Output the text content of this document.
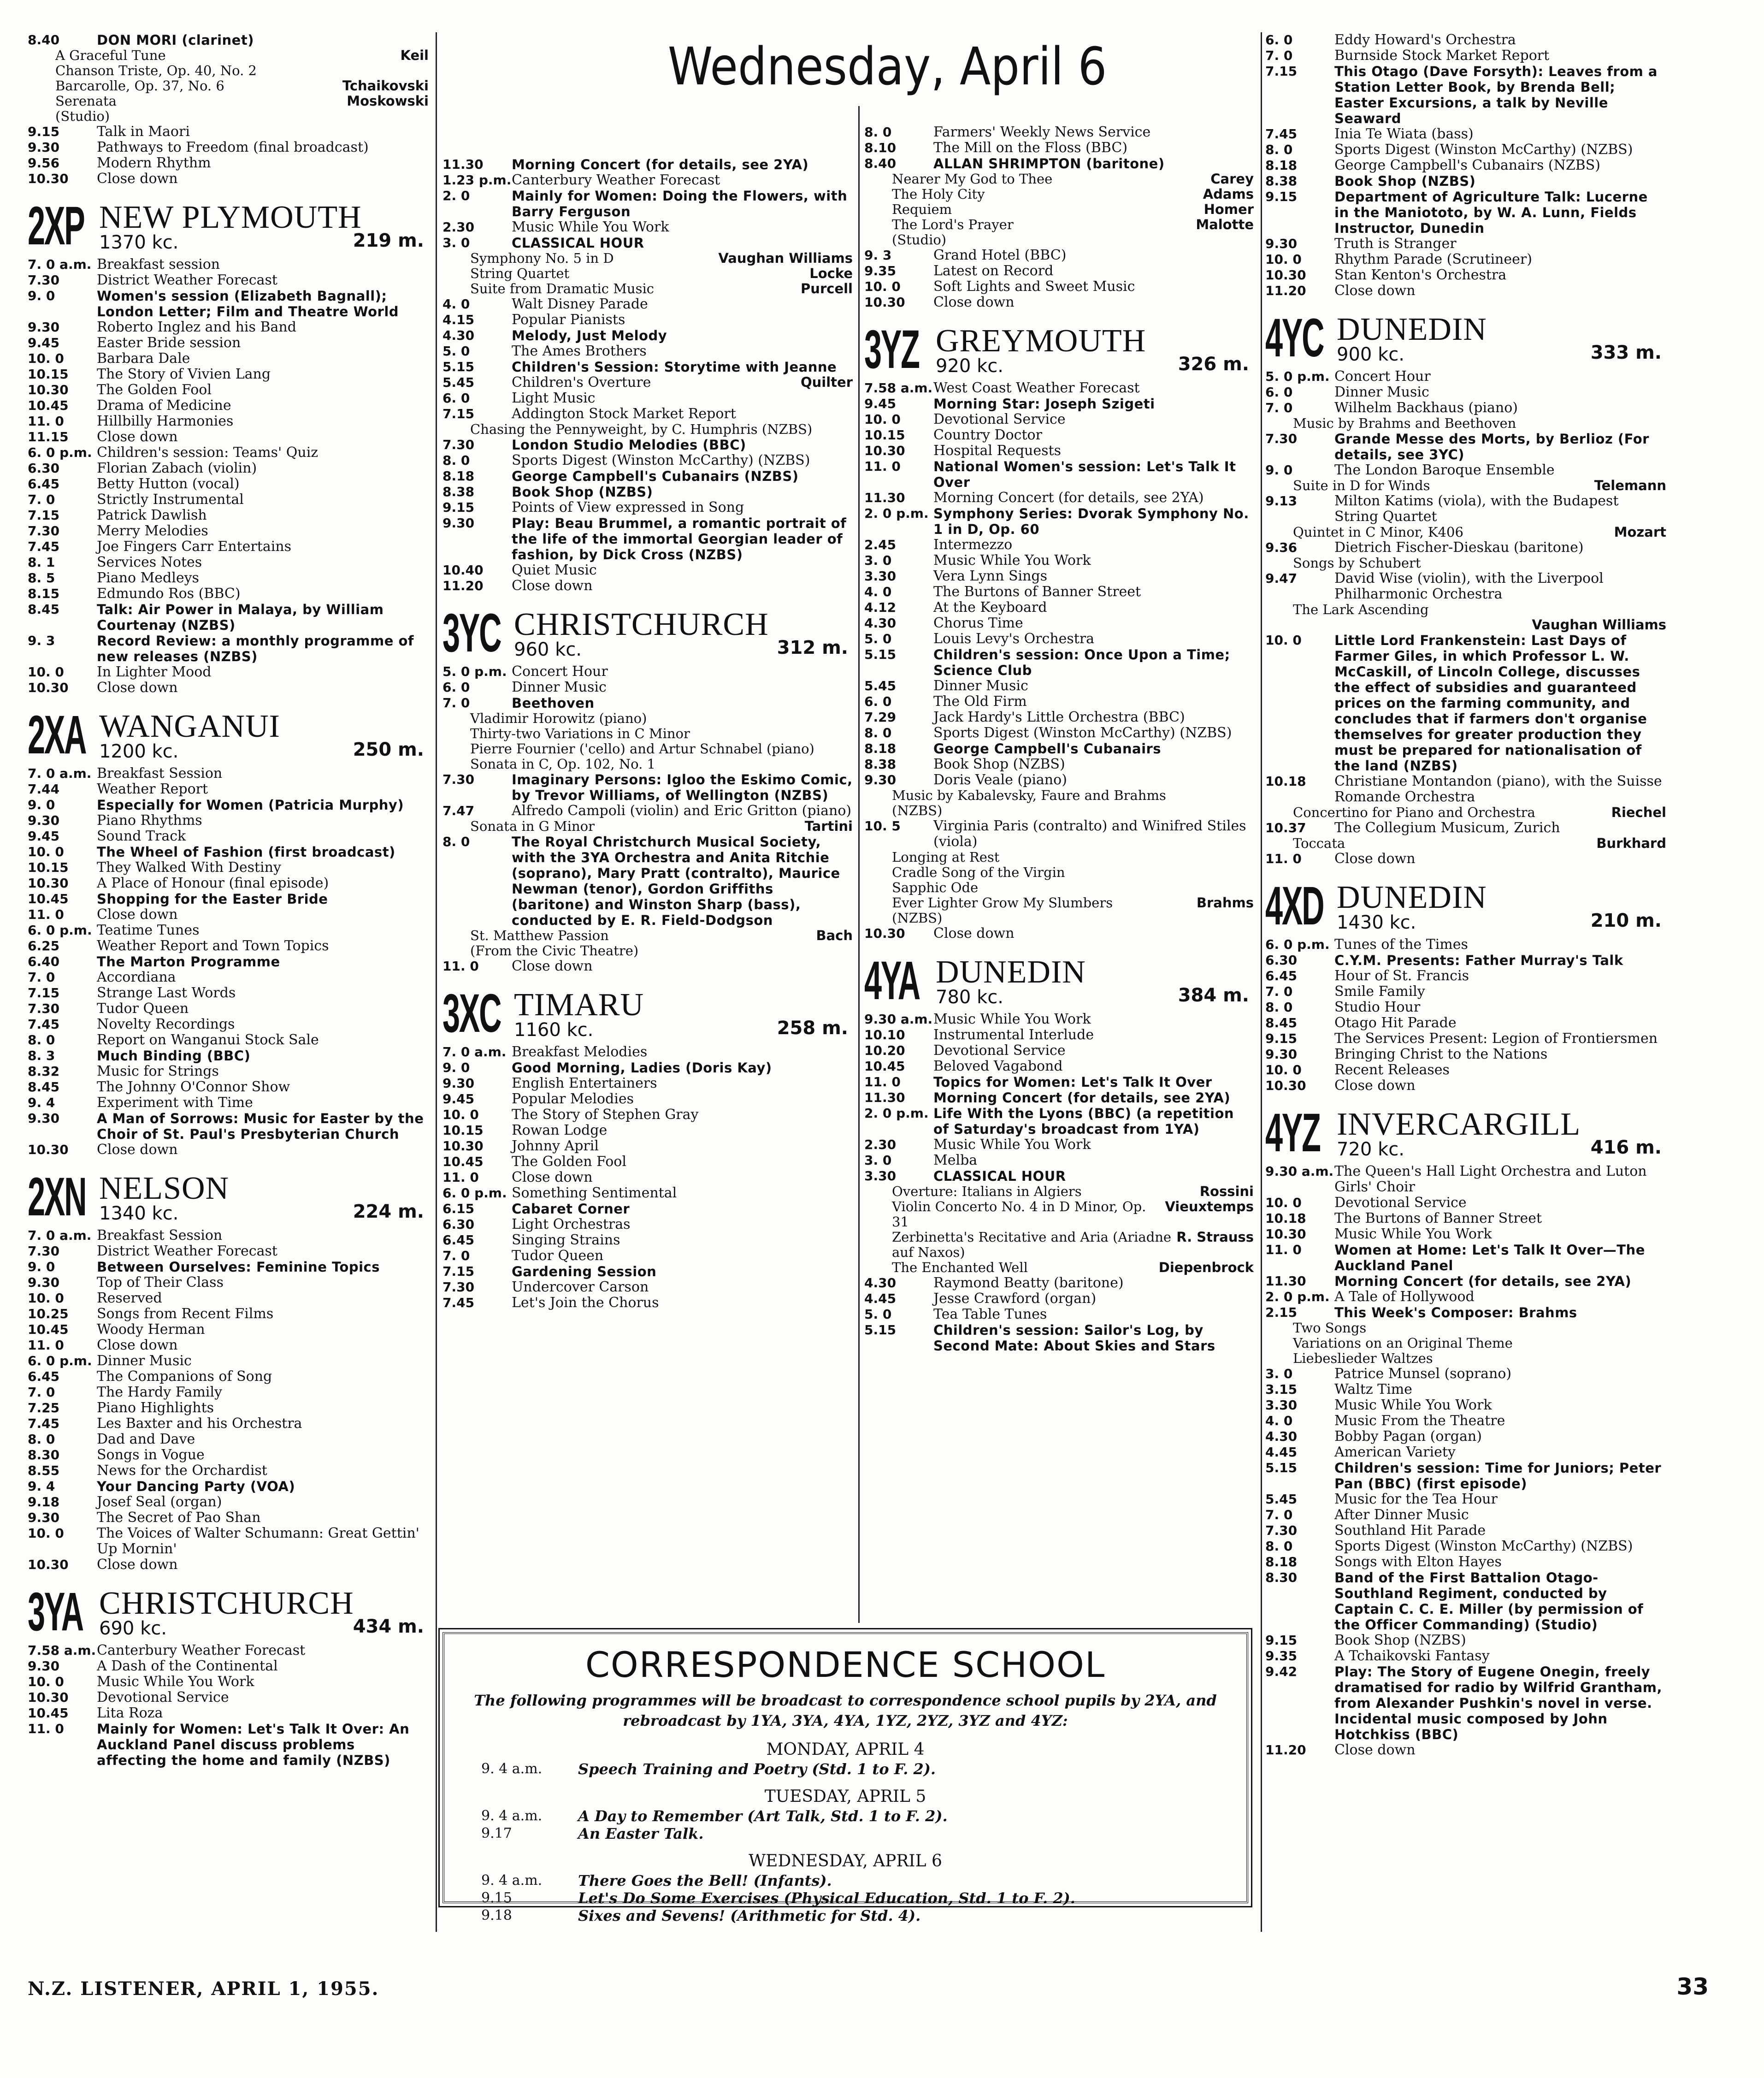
Wednesday, April 6
8.40	DON MORI (clarinet)
A Graceful Tune	Keil
Chanson Triste, Op. 40, No. 2
Barcarolle, Op. 37, No. 6	Tchaikovski
Serenata	Moskowski
(Studio)
9.15	Talk in Maori
9.30	Pathways to Freedom (final broadcast)
9.56	Modern Rhythm
10.30	Close down
2XP NEW PLYMOUTH
1370 kc.	219 m.
7. 0 a.m. Breakfast session
7.30	District Weather Forecast
9. 0	Women's session (Elizabeth Bagnall); London Letter; Film and Theatre World
9.30	Roberto Inglez and his Band
9.45	Easter Bride session
10. 0	Barbara Dale
10.15	The Story of Vivien Lang
10.30	The Golden Fool
10.45	Drama of Medicine
11. 0	Hillbilly Harmonies
11.15	Close down
6. 0 p.m. Children's session: Teams' Quiz
6.30	Florian Zabach (violin)
6.45	Betty Hutton (vocal)
7. 0	Strictly Instrumental
7.15	Patrick Dawlish
7.30	Merry Melodies
7.45	Joe Fingers Carr Entertains
8. 1	Services Notes
8. 5	Piano Medleys
8.15	Edmundo Ros (BBC)
8.45	Talk: Air Power in Malaya, by William Courtenay (NZBS)
9. 3	Record Review: a monthly programme of new releases (NZBS)
10. 0	In Lighter Mood
10.30	Close down
2XA WANGANUI
1200 kc.	250 m.
7. 0 a.m. Breakfast Session
7.44	Weather Report
9. 0	Especially for Women (Patricia Murphy)
9.30	Piano Rhythms
9.45	Sound Track
10. 0	The Wheel of Fashion (first broadcast)
10.15	They Walked With Destiny
10.30	A Place of Honour (final episode)
10.45	Shopping for the Easter Bride
11. 0	Close down
6. 0 p.m. Teatime Tunes
6.25	Weather Report and Town Topics
6.40	The Marton Programme
7. 0	Accordiana
7.15	Strange Last Words
7.30	Tudor Queen
7.45	Novelty Recordings
8. 0	Report on Wanganui Stock Sale
8. 3	Much Binding (BBC)
8.32	Music for Strings
8.45	The Johnny O'Connor Show
9. 4	Experiment with Time
9.30	A Man of Sorrows: Music for Easter by the Choir of St. Paul's Presbyterian Church
10.30	Close down
2XN NELSON
1340 kc.	224 m.
7. 0 a.m. Breakfast Session
7.30	District Weather Forecast
9. 0	Between Ourselves: Feminine Topics
9.30	Top of Their Class
10. 0	Reserved
10.25	Songs from Recent Films
10.45	Woody Herman
11. 0	Close down
6. 0 p.m. Dinner Music
6.45	The Companions of Song
7. 0	The Hardy Family
7.25	Piano Highlights
7.45	Les Baxter and his Orchestra
8. 0	Dad and Dave
8.30	Songs in Vogue
8.55	News for the Orchardist
9. 4	Your Dancing Party (VOA)
9.18	Josef Seal (organ)
9.30	The Secret of Pao Shan
10. 0	The Voices of Walter Schumann: Great Gettin' Up Mornin'
10.30	Close down
3YA CHRISTCHURCH
690 kc.	434 m.
7.58 a.m. Canterbury Weather Forecast
9.30	A Dash of the Continental
10. 0	Music While You Work
10.30	Devotional Service
10.45	Lita Roza
11. 0	Mainly for Women: Let's Talk It Over: An Auckland Panel discuss problems affecting the home and family (NZBS)
11.30	Morning Concert (for details, see 2YA)
1.23 p.m. Canterbury Weather Forecast
2. 0	Mainly for Women: Doing the Flowers, with Barry Ferguson
2.30	Music While You Work
3. 0	CLASSICAL HOUR
Symphony No. 5 in D	Vaughan Williams
String Quartet	Locke
Suite from Dramatic Music	Purcell
4. 0	Walt Disney Parade
4.15	Popular Pianists
4.30	Melody, Just Melody
5. 0	The Ames Brothers
5.15	Children's Session: Storytime with Jeanne
5.45	Children's Overture	Quilter
6. 0	Light Music
7.15	Addington Stock Market Report
Chasing the Pennyweight, by C. Humphris (NZBS)
7.30	London Studio Melodies (BBC)
8. 0	Sports Digest (Winston McCarthy) (NZBS)
8.18	George Campbell's Cubanairs (NZBS)
8.38	Book Shop (NZBS)
9.15	Points of View expressed in Song
9.30	Play: Beau Brummel, a romantic portrait of the life of the immortal Georgian leader of fashion, by Dick Cross (NZBS)
10.40	Quiet Music
11.20	Close down
3YC CHRISTCHURCH
960 kc.	312 m.
5. 0 p.m. Concert Hour
6. 0	Dinner Music
7. 0	Beethoven
Vladimir Horowitz (piano)
Thirty-two Variations in C Minor
Pierre Fournier ('cello) and Artur Schnabel (piano)
Sonata in C, Op. 102, No. 1
7.30	Imaginary Persons: Igloo the Eskimo Comic, by Trevor Williams, of Wellington (NZBS)
7.47	Alfredo Campoli (violin) and Eric Gritton (piano)
Sonata in G Minor	Tartini
8. 0	The Royal Christchurch Musical Society, with the 3YA Orchestra and Anita Ritchie (soprano), Mary Pratt (contralto), Maurice Newman (tenor), Gordon Griffiths (baritone) and Winston Sharp (bass), conducted by E. R. Field-Dodgson
St. Matthew Passion	Bach
(From the Civic Theatre)
11. 0	Close down
3XC TIMARU
1160 kc.	258 m.
7. 0 a.m. Breakfast Melodies
9. 0	Good Morning, Ladies (Doris Kay)
9.30	English Entertainers
9.45	Popular Melodies
10. 0	The Story of Stephen Gray
10.15	Rowan Lodge
10.30	Johnny April
10.45	The Golden Fool
11. 0	Close down
6. 0 p.m. Something Sentimental
6.15	Cabaret Corner
6.30	Light Orchestras
6.45	Singing Strains
7. 0	Tudor Queen
7.15	Gardening Session
7.30	Undercover Carson
7.45	Let's Join the Chorus
8. 0	Farmers' Weekly News Service
8.10	The Mill on the Floss (BBC)
8.40	ALLAN SHRIMPTON (baritone)
Nearer My God to Thee	Carey
The Holy City	Adams
Requiem	Homer
The Lord's Prayer	Malotte
(Studio)
9. 3	Grand Hotel (BBC)
9.35	Latest on Record
10. 0	Soft Lights and Sweet Music
10.30	Close down
3YZ GREYMOUTH
920 kc.	326 m.
7.58 a.m. West Coast Weather Forecast
9.45	Morning Star: Joseph Szigeti
10. 0	Devotional Service
10.15	Country Doctor
10.30	Hospital Requests
11. 0	National Women's session: Let's Talk It Over
11.30	Morning Concert (for details, see 2YA)
2. 0 p.m. Symphony Series: Dvorak Symphony No. 1 in D, Op. 60
2.45	Intermezzo
3. 0	Music While You Work
3.30	Vera Lynn Sings
4. 0	The Burtons of Banner Street
4.12	At the Keyboard
4.30	Chorus Time
5. 0	Louis Levy's Orchestra
5.15	Children's session: Once Upon a Time; Science Club
5.45	Dinner Music
6. 0	The Old Firm
7.29	Jack Hardy's Little Orchestra (BBC)
8. 0	Sports Digest (Winston McCarthy) (NZBS)
8.18	George Campbell's Cubanairs
8.38	Book Shop (NZBS)
9.30	Doris Veale (piano)
Music by Kabalevsky, Faure and Brahms
(NZBS)
10. 5	Virginia Paris (contralto) and Winifred Stiles (viola)
Longing at Rest
Cradle Song of the Virgin
Sapphic Ode
Ever Lighter Grow My Slumbers	Brahms
(NZBS)
10.30	Close down
4YA DUNEDIN
780 kc.	384 m.
9.30 a.m. Music While You Work
10.10	Instrumental Interlude
10.20	Devotional Service
10.45	Beloved Vagabond
11. 0	Topics for Women: Let's Talk It Over
11.30	Morning Concert (for details, see 2YA)
2. 0 p.m. Life With the Lyons (BBC) (a repetition of Saturday's broadcast from 1YA)
2.30	Music While You Work
3. 0	Melba
3.30	CLASSICAL HOUR
Overture: Italians in Algiers	Rossini
Violin Concerto No. 4 in D Minor, Op. 31
Vieuxtemps
Zerbinetta's Recitative and Aria (Ariadne auf Naxos)
R. Strauss
The Enchanted Well	Diepenbrock
4.30	Raymond Beatty (baritone)
4.45	Jesse Crawford (organ)
5. 0	Tea Table Tunes
5.15	Children's session: Sailor's Log, by Second Mate: About Skies and Stars
6. 0	Eddy Howard's Orchestra
7. 0	Burnside Stock Market Report
7.15	This Otago (Dave Forsyth): Leaves from a Station Letter Book, by Brenda Bell; Easter Excursions, a talk by Neville Seaward
7.45	Inia Te Wiata (bass)
8. 0	Sports Digest (Winston McCarthy) (NZBS)
8.18	George Campbell's Cubanairs (NZBS)
8.38	Book Shop (NZBS)
9.15	Department of Agriculture Talk: Lucerne in the Maniototo, by W. A. Lunn, Fields Instructor, Dunedin
9.30	Truth is Stranger
10. 0	Rhythm Parade (Scrutineer)
10.30	Stan Kenton's Orchestra
11.20	Close down
4YC DUNEDIN
900 kc.	333 m.
5. 0 p.m. Concert Hour
6. 0	Dinner Music
7. 0	Wilhelm Backhaus (piano)
Music by Brahms and Beethoven
7.30	Grande Messe des Morts, by Berlioz (For details, see 3YC)
9. 0	The London Baroque Ensemble
Suite in D for Winds	Telemann
9.13	Milton Katims (viola), with the Budapest String Quartet
Quintet in C Minor, K406	Mozart
9.36	Dietrich Fischer-Dieskau (baritone)
Songs by Schubert
9.47	David Wise (violin), with the Liverpool Philharmonic Orchestra
The Lark Ascending
Vaughan Williams
10. 0	Little Lord Frankenstein: Last Days of Farmer Giles, in which Professor L. W. McCaskill, of Lincoln College, discusses the effect of subsidies and guaranteed prices on the farming community, and concludes that if farmers don't organise themselves for greater production they must be prepared for nationalisation of the land (NZBS)
10.18	Christiane Montandon (piano), with the Suisse Romande Orchestra
Concertino for Piano and Orchestra	Riechel
10.37	The Collegium Musicum, Zurich
Toccata	Burkhard
11. 0	Close down
4XD DUNEDIN
1430 kc.	210 m.
6. 0 p.m. Tunes of the Times
6.30	C.Y.M. Presents: Father Murray's Talk
6.45	Hour of St. Francis
7. 0	Smile Family
8. 0	Studio Hour
8.45	Otago Hit Parade
9.15	The Services Present: Legion of Frontiersmen
9.30	Bringing Christ to the Nations
10. 0	Recent Releases
10.30	Close down
4YZ INVERCARGILL
720 kc.	416 m.
9.30 a.m. The Queen's Hall Light Orchestra and Luton Girls' Choir
10. 0	Devotional Service
10.18	The Burtons of Banner Street
10.30	Music While You Work
11. 0	Women at Home: Let's Talk It Over—The Auckland Panel
11.30	Morning Concert (for details, see 2YA)
2. 0 p.m. A Tale of Hollywood
2.15	This Week's Composer: Brahms
Two Songs
Variations on an Original Theme
Liebeslieder Waltzes
3. 0	Patrice Munsel (soprano)
3.15	Waltz Time
3.30	Music While You Work
4. 0	Music From the Theatre
4.30	Bobby Pagan (organ)
4.45	American Variety
5.15	Children's session: Time for Juniors; Peter Pan (BBC) (first episode)
5.45	Music for the Tea Hour
7. 0	After Dinner Music
7.30	Southland Hit Parade
8. 0	Sports Digest (Winston McCarthy) (NZBS)
8.18	Songs with Elton Hayes
8.30	Band of the First Battalion Otago-Southland Regiment, conducted by Captain C. C. E. Miller (by permission of the Officer Commanding) (Studio)
9.15	Book Shop (NZBS)
9.35	A Tchaikovski Fantasy
9.42	Play: The Story of Eugene Onegin, freely dramatised for radio by Wilfrid Grantham, from Alexander Pushkin's novel in verse. Incidental music composed by John Hotchkiss (BBC)
11.20	Close down
CORRESPONDENCE SCHOOL
The following programmes will be broadcast to correspondence school pupils by 2YA, and rebroadcast by 1YA, 3YA, 4YA, 1YZ, 2YZ, 3YZ and 4YZ:
MONDAY, APRIL 4
9. 4 a.m.	Speech Training and Poetry (Std. 1 to F. 2).
TUESDAY, APRIL 5
9. 4 a.m.	A Day to Remember (Art Talk, Std. 1 to F. 2).
9.17	An Easter Talk.
WEDNESDAY, APRIL 6
9. 4 a.m.	There Goes the Bell! (Infants).
9.15	Let's Do Some Exercises (Physical Education, Std. 1 to F. 2).
9.18	Sixes and Sevens! (Arithmetic for Std. 4).
N.Z. LISTENER, APRIL 1, 1955.	33
